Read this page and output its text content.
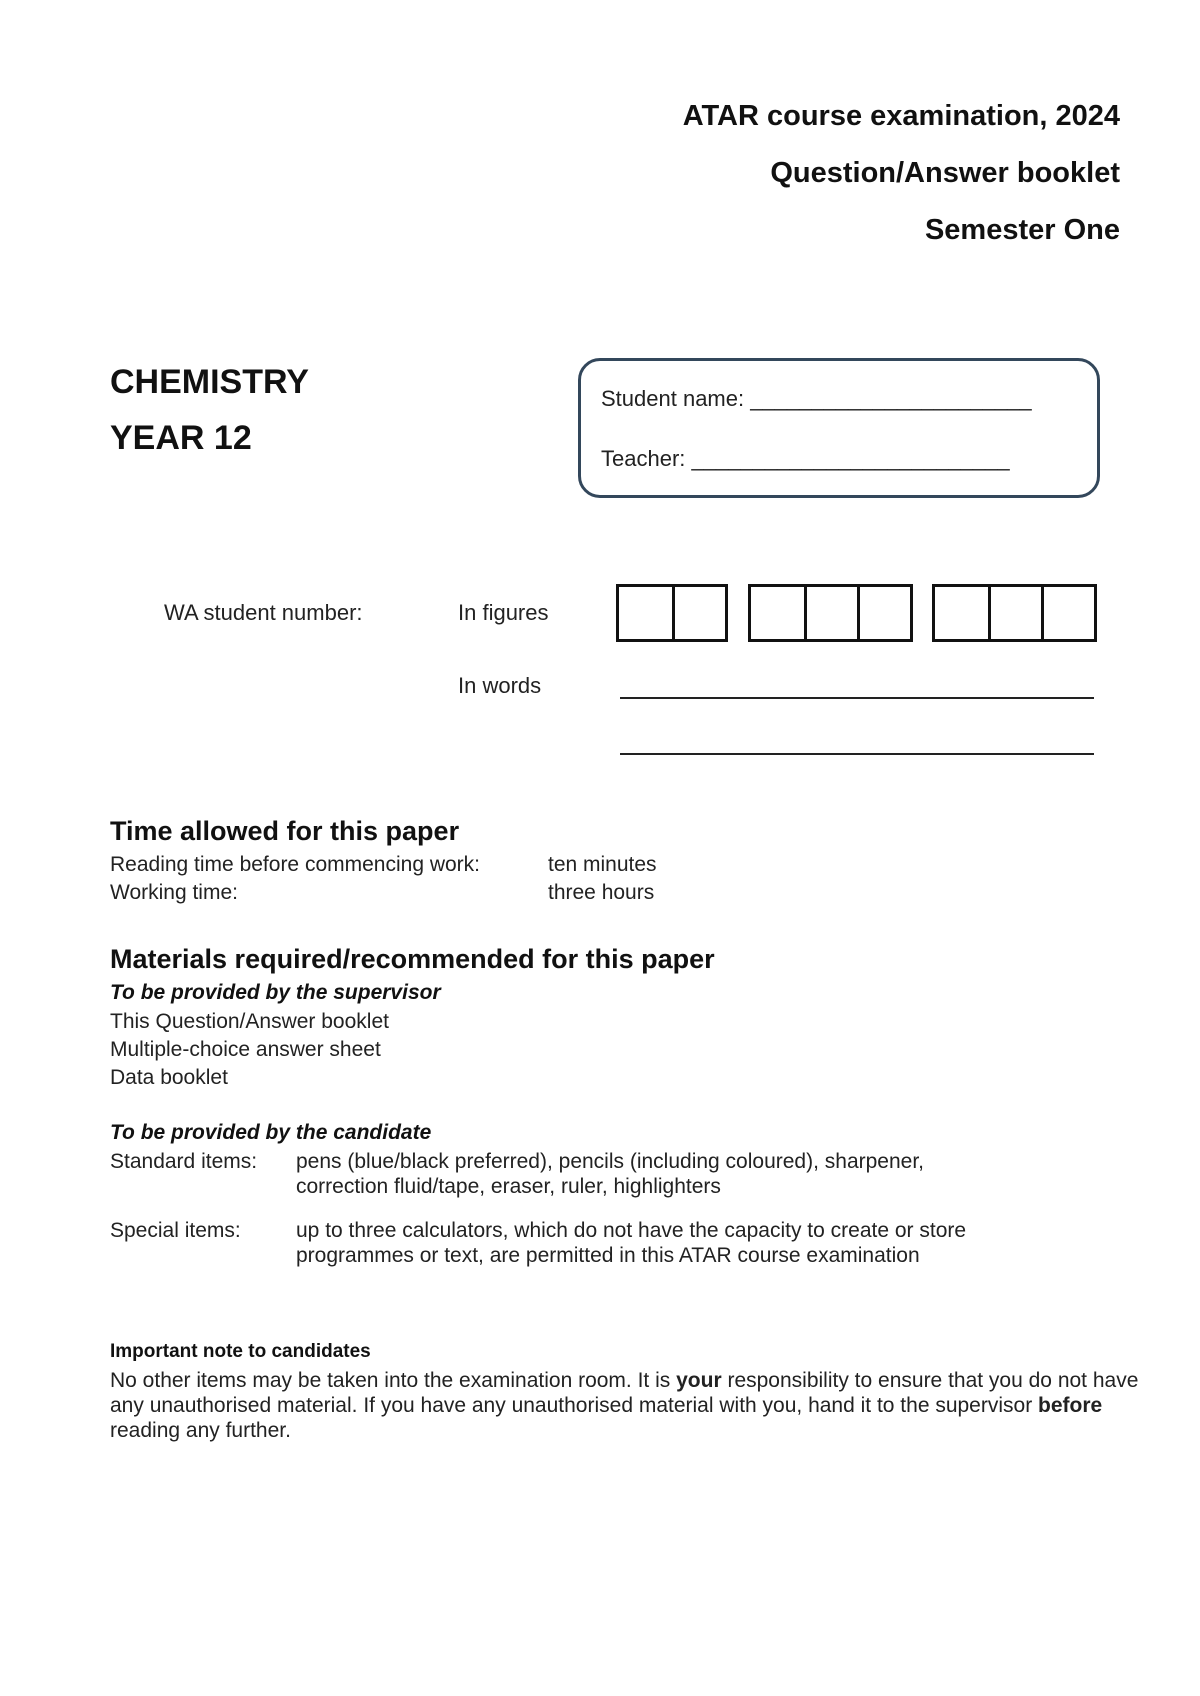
ATAR course examination, 2024
Question/Answer booklet
Semester One
CHEMISTRY
YEAR 12
Student name: _______________________
Teacher: __________________________
WA student number:	In figures
In words
Time allowed for this paper
Reading time before commencing work:	ten minutes
Working time:	three hours
Materials required/recommended for this paper
To be provided by the supervisor
This Question/Answer booklet
Multiple-choice answer sheet
Data booklet
To be provided by the candidate
Standard items: pens (blue/black preferred), pencils (including coloured), sharpener,
correction fluid/tape, eraser, ruler, highlighters
Special items:	up to three calculators, which do not have the capacity to create or store
programmes or text, are permitted in this ATAR course examination
Important note to candidates
No other items may be taken into the examination room. It is your responsibility to ensure that you do not have any unauthorised material. If you have any unauthorised material with you, hand it to the supervisor before reading any further.
